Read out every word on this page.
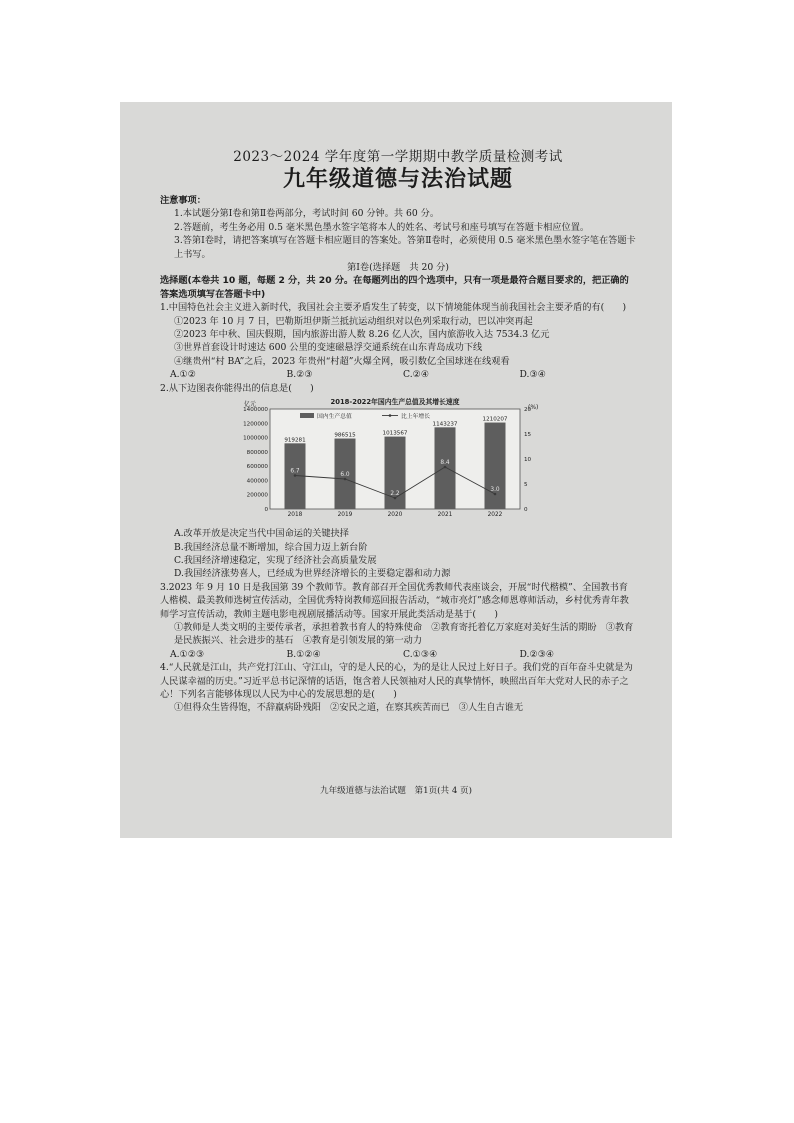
2023～2024 学年度第一学期期中教学质量检测考试

九年级道德与法治试题

注意事项：

1.本试题分第Ⅰ卷和第Ⅱ卷两部分，考试时间 60 分钟。共 60 分。

2.答题前，考生务必用 0.5 毫米黑色墨水签字笔将本人的姓名、考试号和座号填写在答题卡相应位置。

3.答第Ⅰ卷时，请把答案填写在答题卡相应题目的答案处。答第Ⅱ卷时，必须使用 0.5 毫米黑色墨水签字笔在答题卡上书写。

第Ⅰ卷(选择题　共 20 分)

选择题(本卷共 10 题，每题 2 分，共 20 分。在每题列出的四个选项中，只有一项是最符合题目要求的，把正确的答案选项填写在答题卡中)

1.中国特色社会主义进入新时代，我国社会主要矛盾发生了转变，以下情境能体现当前我国社会主要矛盾的有(　　)

①2023 年 10 月 7 日，巴勒斯坦伊斯兰抵抗运动组织对以色列采取行动，巴以冲突再起

②2023 年中秋、国庆假期，国内旅游出游人数 8.26 亿人次，国内旅游收入达 7534.3 亿元

③世界首套设计时速达 600 公里的变速磁悬浮交通系统在山东青岛成功下线

④继贵州“村 BA”之后，2023 年贵州“村超”火爆全网，吸引数亿全国球迷在线观看

A.①②	B.②③	C.②④	D.③④

2.从下边图表你能得出的信息是(　　)

2018-2022年国内生产总值及其增长速度
亿元	(%)
0
200000
400000
600000
800000
1000000
1200000
1400000
0
5
10
15
20
国内生产总值	比上年增长
919281
2018
986515
2019
1013567
2020
1143237
2021
1210207
2022
6.7
6.0
2.2
8.4
3.0

A.改革开放是决定当代中国命运的关键抉择

B.我国经济总量不断增加，综合国力迈上新台阶

C.我国经济增速稳定，实现了经济社会高质量发展

D.我国经济涨势喜人，已经成为世界经济增长的主要稳定器和动力源

3.2023 年 9 月 10 日是我国第 39 个教师节。教育部召开全国优秀教师代表座谈会，开展“时代楷模”、全国教书育人楷模、最美教师选树宣传活动，全国优秀特岗教师巡回报告活动，“城市亮灯”感念师恩尊师活动，乡村优秀青年教师学习宣传活动，教师主题电影电视剧展播活动等。国家开展此类活动是基于(　　)

①教师是人类文明的主要传承者，承担着教书育人的特殊使命　②教育寄托着亿万家庭对美好生活的期盼　③教育是民族振兴、社会进步的基石　④教育是引领发展的第一动力

A.①②③	B.①②④	C.①③④	D.②③④

4.“人民就是江山，共产党打江山、守江山，守的是人民的心，为的是让人民过上好日子。我们党的百年奋斗史就是为人民谋幸福的历史。”习近平总书记深情的话语，饱含着人民领袖对人民的真挚情怀，映照出百年大党对人民的赤子之心！下列名言能够体现以人民为中心的发展思想的是(　　)

①但得众生皆得饱，不辞羸病卧残阳　②安民之道，在察其疾苦而已　③人生自古谁无

九年级道德与法治试题　第1页(共 4 页)
